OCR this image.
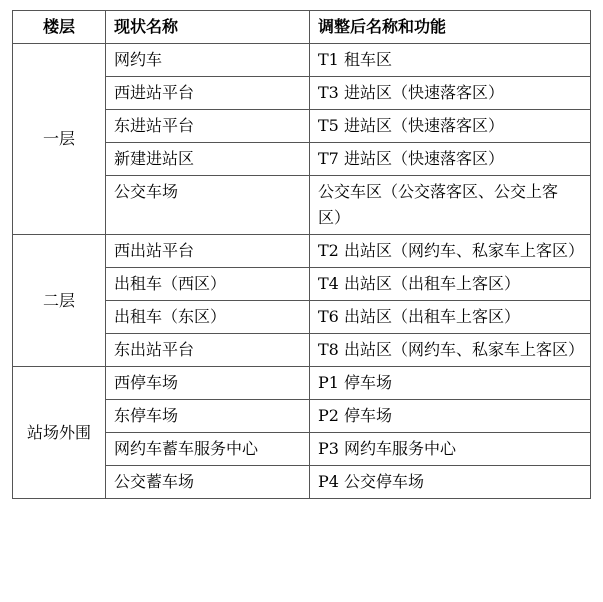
楼层	现状名称	调整后名称和功能
一层	网约车	T1 租车区
	西进站平台	T3 进站区（快速落客区）
	东进站平台	T5 进站区（快速落客区）
	新建进站区	T7 进站区（快速落客区）
	公交车场	公交车区（公交落客区、公交上客区）
二层	西出站平台	T2 出站区（网约车、私家车上客区）
	出租车（西区）	T4 出站区（出租车上客区）
	出租车（东区）	T6 出站区（出租车上客区）
	东出站平台	T8 出站区（网约车、私家车上客区）
站场外围	西停车场	P1 停车场
	东停车场	P2 停车场
	网约车蓄车服务中心	P3 网约车服务中心
	公交蓄车场	P4 公交停车场
